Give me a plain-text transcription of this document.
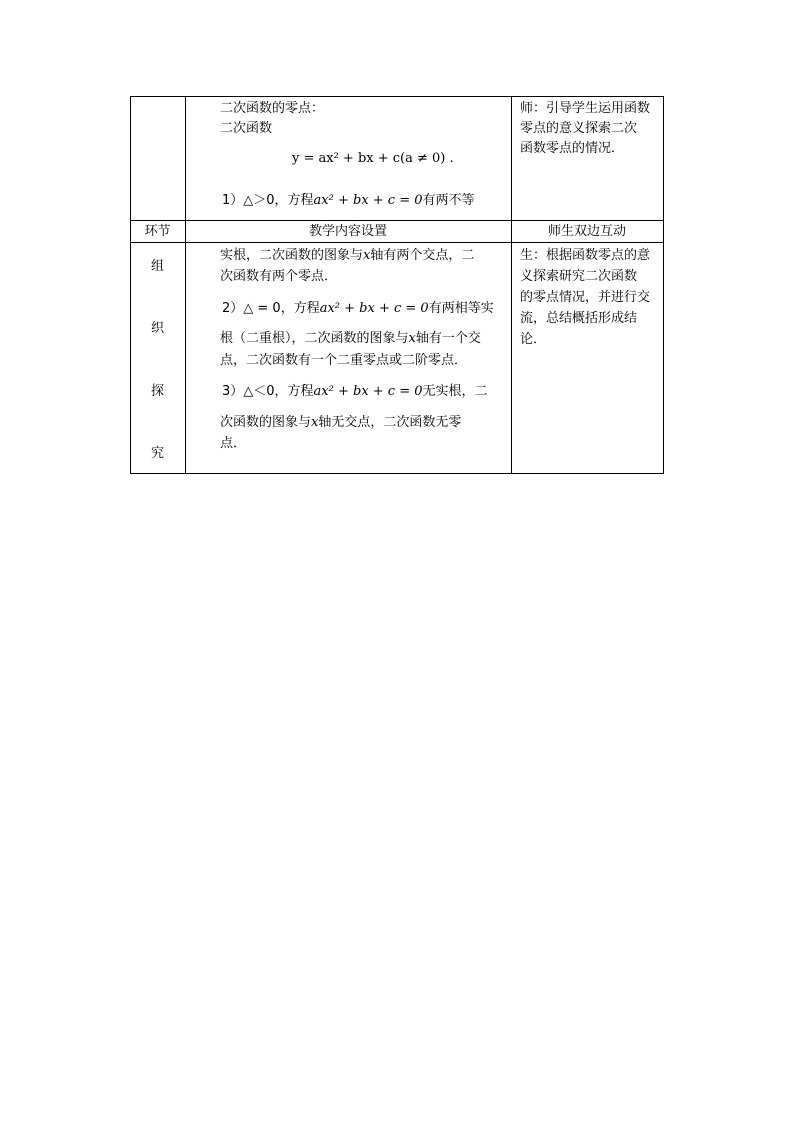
二次函数的零点：
二次函数
y = ax² + bx + c(a ≠ 0) .
1）△＞0，方程ax² + bx + c = 0有两不等
师：引导学生运用函数
零点的意义探索二次
函数零点的情况．
环节	教学内容设置	师生双边互动
组
织
探
究
实根，二次函数的图象与x轴有两个交点，二
次函数有两个零点．
2）△ = 0，方程ax² + bx + c = 0有两相等实
根（二重根），二次函数的图象与x轴有一个交
点，二次函数有一个二重零点或二阶零点．
3）△＜0，方程ax² + bx + c = 0无实根，二
次函数的图象与x轴无交点，二次函数无零
点．
生：根据函数零点的意
义探索研究二次函数
的零点情况，并进行交
流，总结概括形成结
论．
